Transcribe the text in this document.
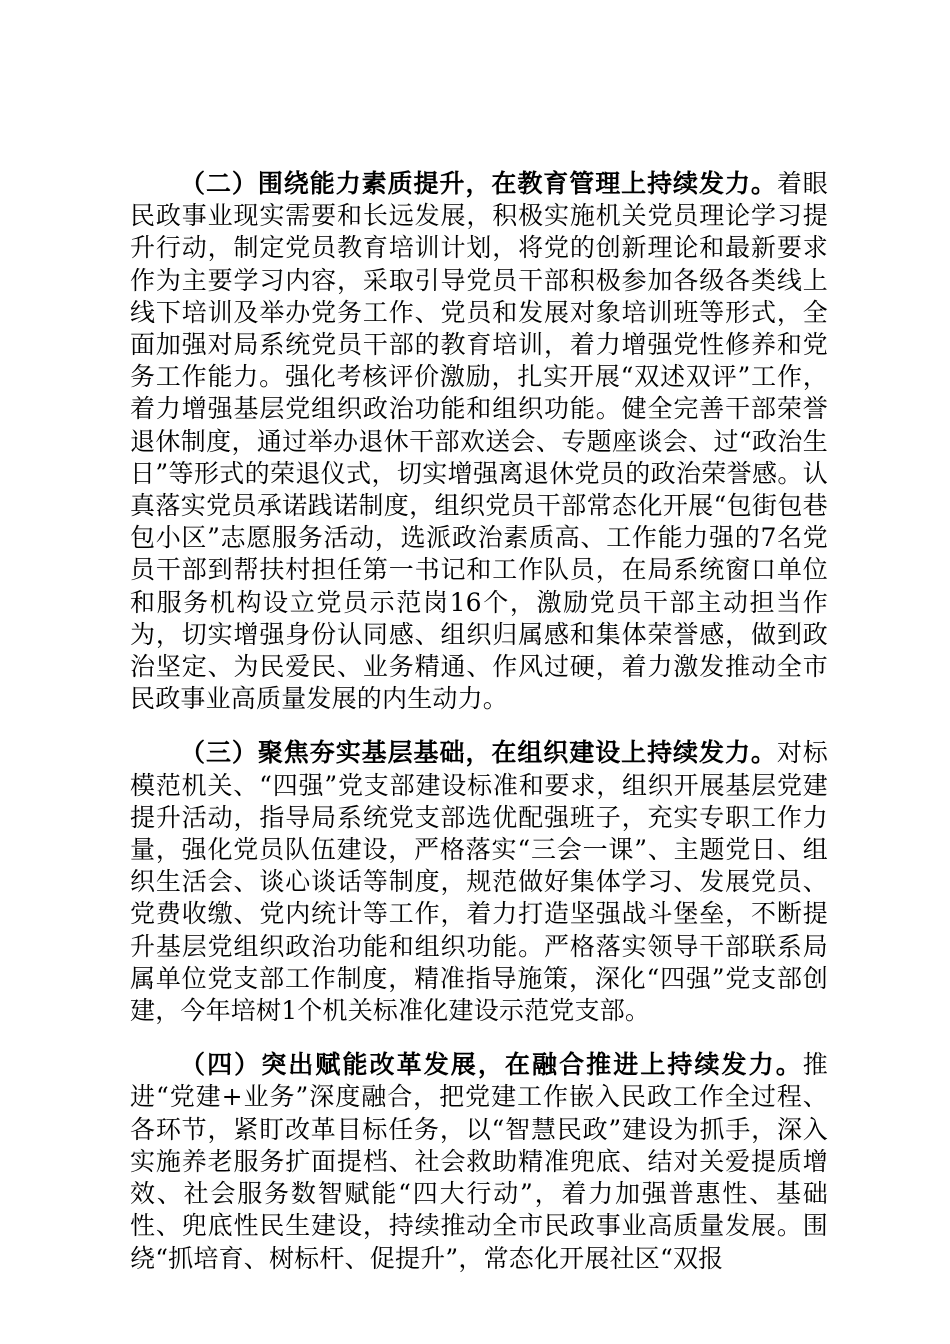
（二）围绕能力素质提升，在教育管理上持续发力。着眼民政事业现实需要和长远发展，积极实施机关党员理论学习提升行动，制定党员教育培训计划，将党的创新理论和最新要求作为主要学习内容，采取引导党员干部积极参加各级各类线上线下培训及举办党务工作、党员和发展对象培训班等形式，全面加强对局系统党员干部的教育培训，着力增强党性修养和党务工作能力。强化考核评价激励，扎实开展“双述双评”工作，着力增强基层党组织政治功能和组织功能。健全完善干部荣誉退休制度，通过举办退休干部欢送会、专题座谈会、过“政治生日”等形式的荣退仪式，切实增强离退休党员的政治荣誉感。认真落实党员承诺践诺制度，组织党员干部常态化开展“包街包巷包小区”志愿服务活动，选派政治素质高、工作能力强的7名党员干部到帮扶村担任第一书记和工作队员，在局系统窗口单位和服务机构设立党员示范岗16个，激励党员干部主动担当作为，切实增强身份认同感、组织归属感和集体荣誉感，做到政治坚定、为民爱民、业务精通、作风过硬，着力激发推动全市民政事业高质量发展的内生动力。

（三）聚焦夯实基层基础，在组织建设上持续发力。对标模范机关、“四强”党支部建设标准和要求，组织开展基层党建提升活动，指导局系统党支部选优配强班子，充实专职工作力量，强化党员队伍建设，严格落实“三会一课”、主题党日、组织生活会、谈心谈话等制度，规范做好集体学习、发展党员、党费收缴、党内统计等工作，着力打造坚强战斗堡垒，不断提升基层党组织政治功能和组织功能。严格落实领导干部联系局属单位党支部工作制度，精准指导施策，深化“四强”党支部创建，今年培树1个机关标准化建设示范党支部。

（四）突出赋能改革发展，在融合推进上持续发力。推进“党建+业务”深度融合，把党建工作嵌入民政工作全过程、各环节，紧盯改革目标任务，以“智慧民政”建设为抓手，深入实施养老服务扩面提档、社会救助精准兜底、结对关爱提质增效、社会服务数智赋能“四大行动”，着力加强普惠性、基础性、兜底性民生建设，持续推动全市民政事业高质量发展。围绕“抓培育、树标杆、促提升”，常态化开展社区“双报
